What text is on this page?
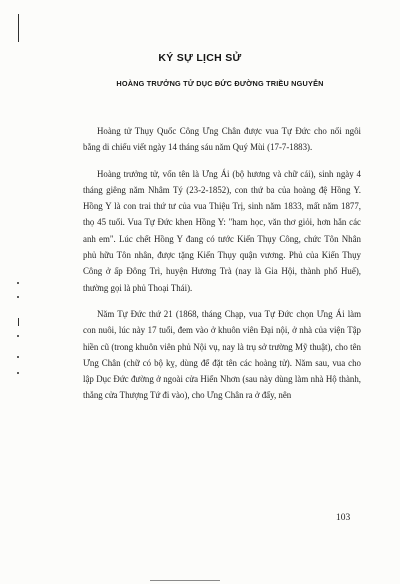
KÝ SỰ LỊCH SỬ
HOÀNG TRƯỞNG TỬ DỤC ĐỨC ĐƯỜNG TRIỀU NGUYỄN

Hoàng tử Thụy Quốc Công Ưng Chân được vua Tự Đức cho nối ngôi bằng di chiếu viết ngày 14 tháng sáu năm Quý Mùi (17-7-1883).

Hoàng trưởng tử, vốn tên là Ưng Ái (bộ hương và chữ cái), sinh ngày 4 tháng giêng năm Nhâm Tý (23-2-1852), con thứ ba của hoàng đệ Hồng Y. Hồng Y là con trai thứ tư của vua Thiệu Trị, sinh năm 1833, mất năm 1877, thọ 45 tuổi. Vua Tự Đức khen Hồng Y: "ham học, văn thơ giỏi, hơn hẳn các anh em". Lúc chết Hồng Y đang có tước Kiến Thụy Công, chức Tôn Nhân phủ hữu Tôn nhân, được tặng Kiến Thụy quận vương. Phủ của Kiến Thụy Công ở ấp Đông Trì, huyện Hương Trà (nay là Gia Hội, thành phố Huế), thường gọi là phủ Thoại Thái).

Năm Tự Đức thứ 21 (1868, tháng Chạp, vua Tự Đức chọn Ưng Ái làm con nuôi, lúc này 17 tuổi, đem vào ở khuôn viên Đại nội, ở nhà của viện Tập hiền cũ (trong khuôn viên phủ Nội vụ, nay là trụ sở trường Mỹ thuật), cho tên Ưng Chân (chữ có bộ kỵ, dùng để đặt tên các hoàng tử). Năm sau, vua cho lập Dục Đức đường ở ngoài cửa Hiển Nhơn (sau này dùng làm nhà Hộ thành, thẳng cửa Thượng Tứ đi vào), cho Ưng Chân ra ở đấy, nên

103
